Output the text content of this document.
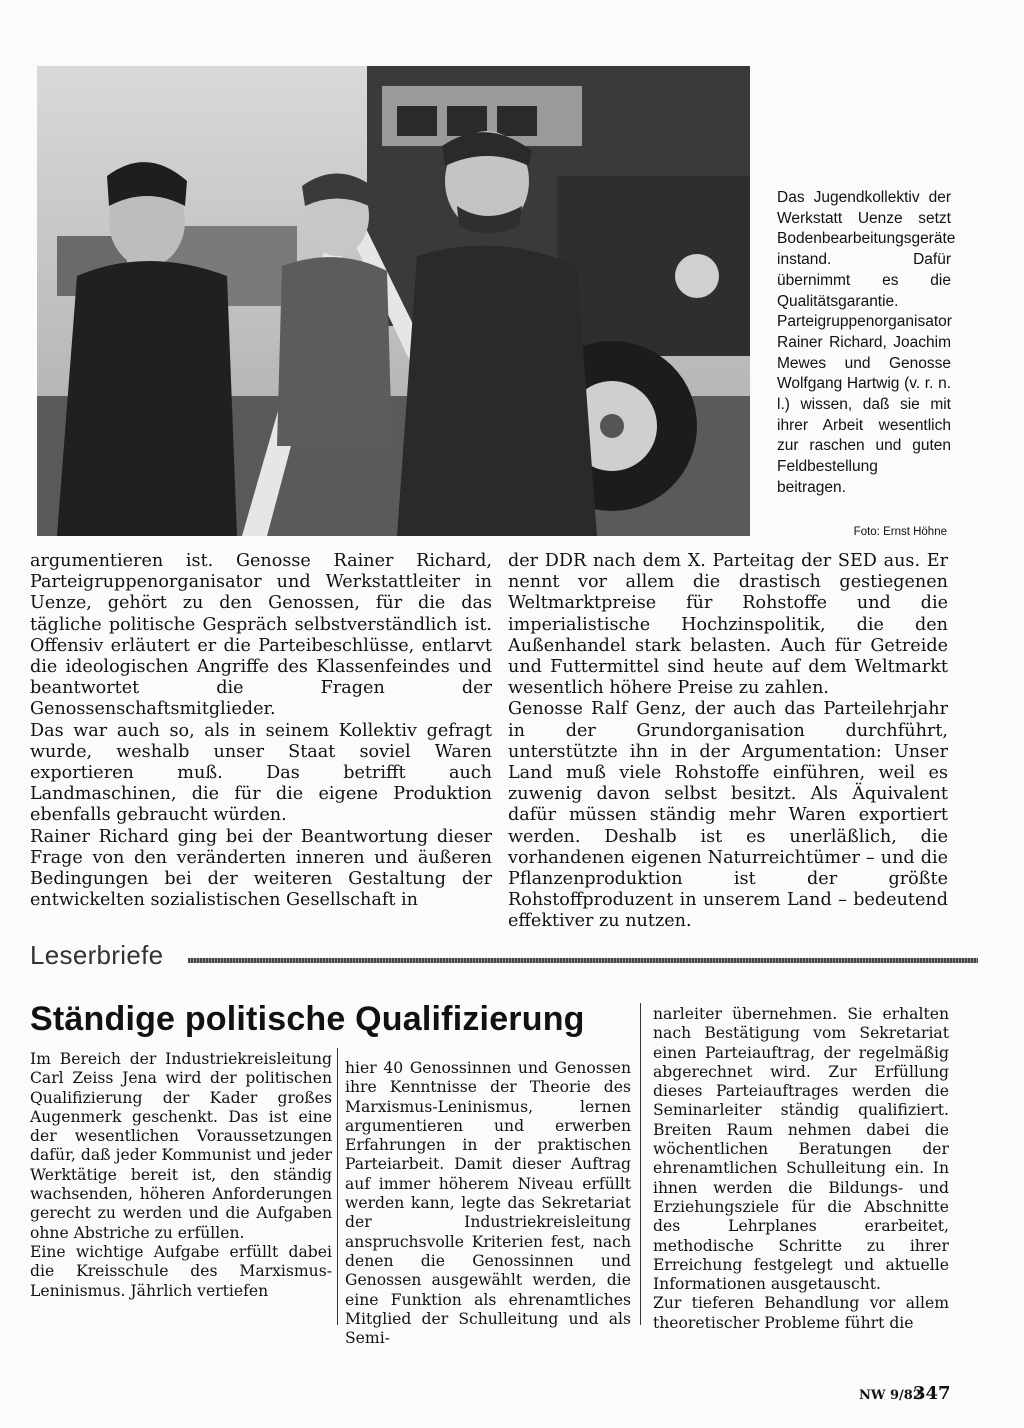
Das Jugendkollektiv der Werkstatt Uenze setzt Bodenbearbeitungsgeräte instand. Dafür übernimmt es die Qualitätsgarantie. Parteigruppenorganisator Rainer Richard, Joachim Mewes und Genosse Wolfgang Hartwig (v. r. n. l.) wissen, daß sie mit ihrer Arbeit wesentlich zur raschen und guten Feldbestellung beitragen.

Foto: Ernst Höhne

argumentieren ist. Genosse Rainer Richard, Parteigruppenorganisator und Werkstattleiter in Uenze, gehört zu den Genossen, für die das tägliche politische Gespräch selbstverständlich ist. Offensiv erläutert er die Parteibeschlüsse, entlarvt die ideologischen Angriffe des Klassenfeindes und beantwortet die Fragen der Genossenschaftsmitglieder.

Das war auch so, als in seinem Kollektiv gefragt wurde, weshalb unser Staat soviel Waren exportieren muß. Das betrifft auch Landmaschinen, die für die eigene Produktion ebenfalls gebraucht würden.

Rainer Richard ging bei der Beantwortung dieser Frage von den veränderten inneren und äußeren Bedingungen bei der weiteren Gestaltung der entwickelten sozialistischen Gesellschaft in

der DDR nach dem X. Parteitag der SED aus. Er nennt vor allem die drastisch gestiegenen Weltmarktpreise für Rohstoffe und die imperialistische Hochzinspolitik, die den Außenhandel stark belasten. Auch für Getreide und Futtermittel sind heute auf dem Weltmarkt wesentlich höhere Preise zu zahlen.

Genosse Ralf Genz, der auch das Parteilehrjahr in der Grundorganisation durchführt, unterstützte ihn in der Argumentation: Unser Land muß viele Rohstoffe einführen, weil es zuwenig davon selbst besitzt. Als Äquivalent dafür müssen ständig mehr Waren exportiert werden. Deshalb ist es unerläßlich, die vorhandenen eigenen Naturreichtümer – und die Pflanzenproduktion ist der größte Rohstoffproduzent in unserem Land – bedeutend effektiver zu nutzen.

Leserbriefe

Ständige politische Qualifizierung

Im Bereich der Industriekreisleitung Carl Zeiss Jena wird der politischen Qualifizierung der Kader großes Augenmerk geschenkt. Das ist eine der wesentlichen Voraussetzungen dafür, daß jeder Kommunist und jeder Werktätige bereit ist, den ständig wachsenden, höheren Anforderungen gerecht zu werden und die Aufgaben ohne Abstriche zu erfüllen.

Eine wichtige Aufgabe erfüllt dabei die Kreisschule des Marxismus-Leninismus. Jährlich vertiefen

hier 40 Genossinnen und Genossen ihre Kenntnisse der Theorie des Marxismus-Leninismus, lernen argumentieren und erwerben Erfahrungen in der praktischen Parteiarbeit. Damit dieser Auftrag auf immer höherem Niveau erfüllt werden kann, legte das Sekretariat der Industriekreisleitung anspruchsvolle Kriterien fest, nach denen die Genossinnen und Genossen ausgewählt werden, die eine Funktion als ehrenamtliches Mitglied der Schulleitung und als Semi-

narleiter übernehmen. Sie erhalten nach Bestätigung vom Sekretariat einen Parteiauftrag, der regelmäßig abgerechnet wird. Zur Erfüllung dieses Parteiauftrages werden die Seminarleiter ständig qualifiziert. Breiten Raum nehmen dabei die wöchentlichen Beratungen der ehrenamtlichen Schulleitung ein. In ihnen werden die Bildungs- und Erziehungsziele für die Abschnitte des Lehrplanes erarbeitet, methodische Schritte zu ihrer Erreichung festgelegt und aktuelle Informationen ausgetauscht.

Zur tieferen Behandlung vor allem theoretischer Probleme führt die

NW 9/82

347
